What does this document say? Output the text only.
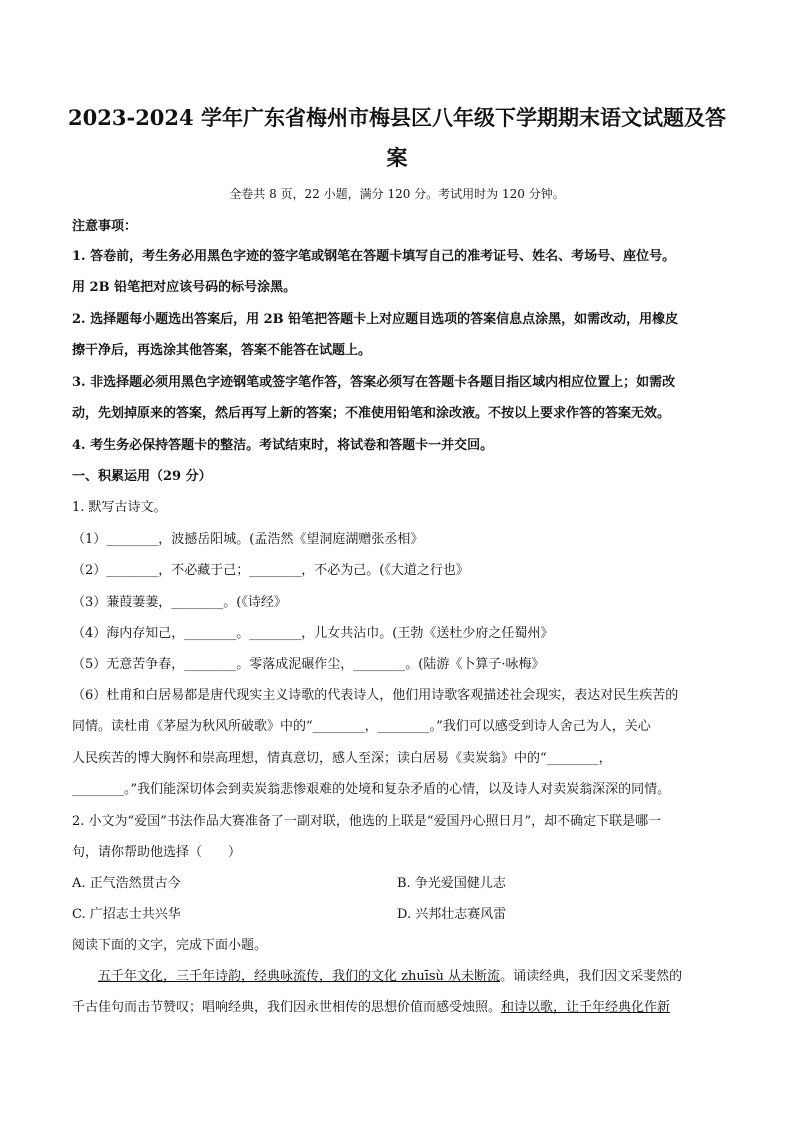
2023-2024 学年广东省梅州市梅县区八年级下学期期末语文试题及答
案
全卷共 8 页，22 小题，满分 120 分。考试用时为 120 分钟。
注意事项：
1. 答卷前，考生务必用黑色字迹的签字笔或钢笔在答题卡填写自己的准考证号、姓名、考场号、座位号。
用 2B 铅笔把对应该号码的标号涂黑。
2. 选择题每小题选出答案后，用 2B 铅笔把答题卡上对应题目选项的答案信息点涂黑，如需改动，用橡皮
擦干净后，再选涂其他答案，答案不能答在试题上。
3. 非选择题必须用黑色字迹钢笔或签字笔作答，答案必须写在答题卡各题目指区域内相应位置上；如需改
动，先划掉原来的答案，然后再写上新的答案；不准使用铅笔和涂改液。不按以上要求作答的答案无效。
4. 考生务必保持答题卡的整洁。考试结束时，将试卷和答题卡一并交回。
一、积累运用（29 分）
1. 默写古诗文。
（1）________，波撼岳阳城。(孟浩然《望洞庭湖赠张丞相》
（2）________，不必藏于己；________，不必为己。(《大道之行也》
（3）蒹葭萋萋，________。(《诗经》
（4）海内存知己，________。________，儿女共沾巾。(王勃《送杜少府之任蜀州》
（5）无意苦争春，________。零落成泥碾作尘，________。(陆游《卜算子·咏梅》
（6）杜甫和白居易都是唐代现实主义诗歌的代表诗人，他们用诗歌客观描述社会现实，表达对民生疾苦的
同情。读杜甫《茅屋为秋风所破歌》中的“________，________。”我们可以感受到诗人舍己为人，关心
人民疾苦的博大胸怀和崇高理想，情真意切，感人至深；读白居易《卖炭翁》中的“________，
________。”我们能深切体会到卖炭翁悲惨艰难的处境和复杂矛盾的心情，以及诗人对卖炭翁深深的同情。
2. 小文为“爱国”书法作品大赛准备了一副对联，他选的上联是“爱国丹心照日月”，却不确定下联是哪一
句，请你帮助他选择（　　）
A. 正气浩然贯古今	B. 争光爱国健儿志
C. 广招志士共兴华	D. 兴邦壮志赛风雷
阅读下面的文字，完成下面小题。
五千年文化，三千年诗韵，经典咏流传，我们的文化 zhuīsù 从未断流。诵读经典，我们因文采斐然的
千古佳句而击节赞叹；唱响经典，我们因永世相传的思想价值而感受烛照。和诗以歌，让千年经典化作新
